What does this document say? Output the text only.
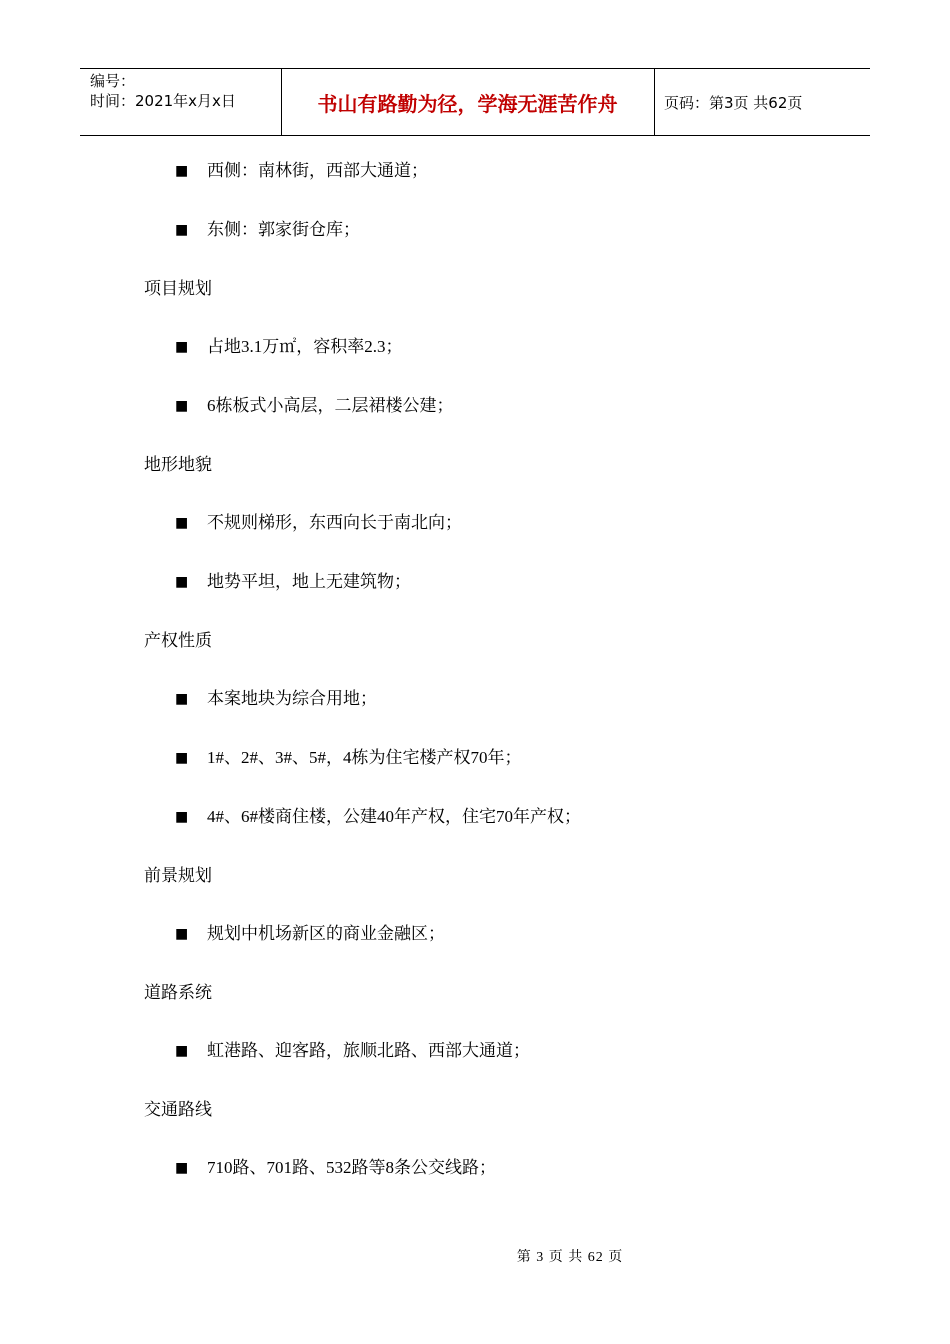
编号：
时间：2021年x月x日	书山有路勤为径，学海无涯苦作舟	页码：第3页 共62页
■ 西侧：南林街，西部大通道；
■ 东侧：郭家街仓库；
项目规划
■ 占地3.1万㎡，容积率2.3；
■ 6栋板式小高层，二层裙楼公建；
地形地貌
■ 不规则梯形，东西向长于南北向；
■ 地势平坦，地上无建筑物；
产权性质
■ 本案地块为综合用地；
■ 1#、2#、3#、5#，4栋为住宅楼产权70年；
■ 4#、6#楼商住楼，公建40年产权，住宅70年产权；
前景规划
■ 规划中机场新区的商业金融区；
道路系统
■ 虹港路、迎客路，旅顺北路、西部大通道；
交通路线
■ 710路、701路、532路等8条公交线路；
第 3 页 共 62 页
